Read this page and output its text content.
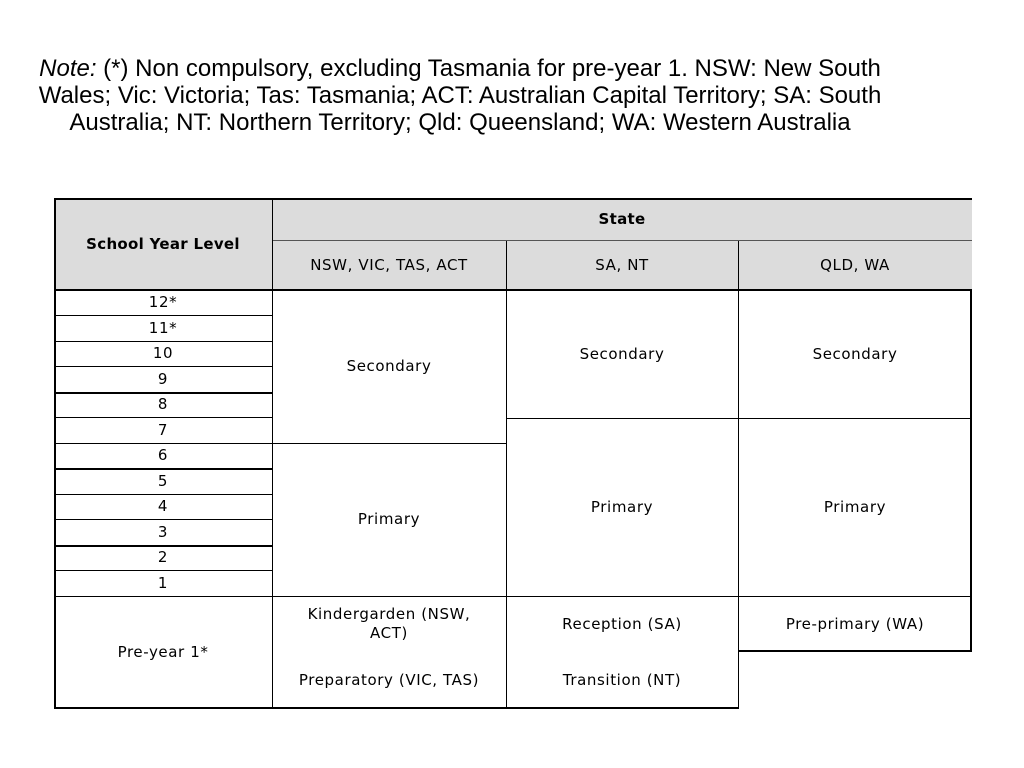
Note: (*) Non compulsory, excluding Tasmania for pre-year 1. NSW: New South Wales; Vic: Victoria; Tas: Tasmania; ACT: Australian Capital Territory; SA: South Australia; NT: Northern Territory; Qld: Queensland; WA: Western Australia
School Year Level
State
NSW, VIC, TAS, ACT	SA, NT	QLD, WA
12*
11*
10
9
8
7
6
5
4
3
2
1
Secondary
Primary
Secondary
Primary
Secondary
Primary
Pre-year 1*
Kindergarden (NSW, ACT)
Preparatory (VIC, TAS)
Reception (SA)
Transition (NT)
Pre-primary (WA)
